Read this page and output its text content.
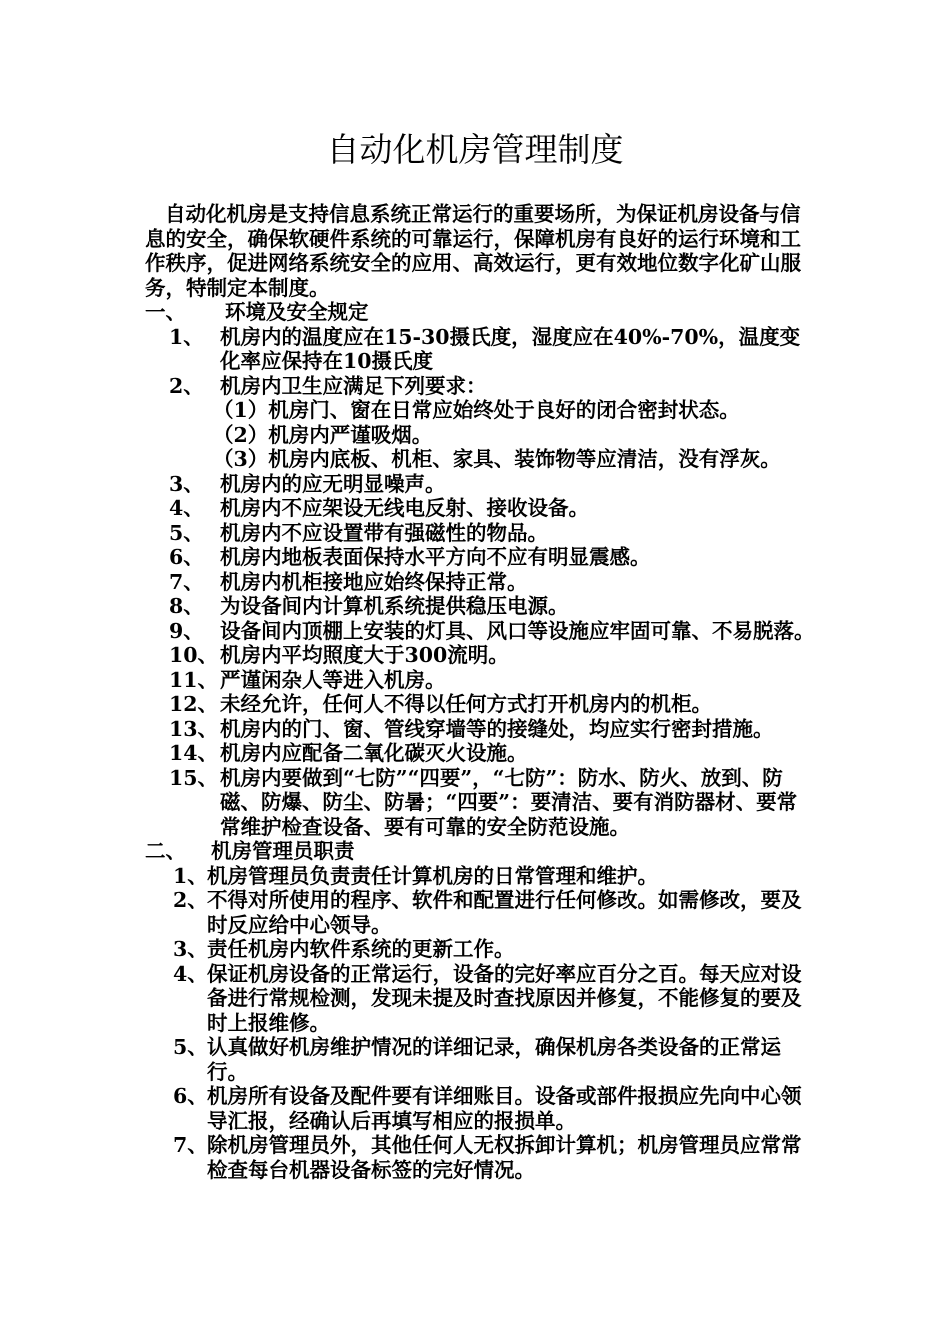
自动化机房管理制度

自动化机房是支持信息系统正常运行的重要场所，为保证机房设备与信息的安全，确保软硬件系统的可靠运行，保障机房有良好的运行环境和工作秩序，促进网络系统安全的应用、高效运行，更有效地位数字化矿山服务，特制定本制度。

一、 环境及安全规定

1、 机房内的温度应在15-30摄氏度，湿度应在40%-70%，温度变化率应保持在10摄氏度
2、 机房内卫生应满足下列要求：

（1）机房门、窗在日常应始终处于良好的闭合密封状态。

（2）机房内严谨吸烟。

（3）机房内底板、机柜、家具、装饰物等应清洁，没有浮灰。

3、 机房内的应无明显噪声。
4、 机房内不应架设无线电反射、接收设备。
5、 机房内不应设置带有强磁性的物品。
6、 机房内地板表面保持水平方向不应有明显震感。
7、 机房内机柜接地应始终保持正常。
8、 为设备间内计算机系统提供稳压电源。
9、 设备间内顶棚上安装的灯具、风口等设施应牢固可靠、不易脱落。
10、 机房内平均照度大于300流明。
11、 严谨闲杂人等进入机房。
12、 未经允许，任何人不得以任何方式打开机房内的机柜。
13、 机房内的门、窗、管线穿墙等的接缝处，均应实行密封措施。
14、 机房内应配备二氧化碳灭火设施。
15、 机房内要做到“七防”“四要”，“七防”：防水、防火、放到、防磁、防爆、防尘、防暑；“四要”：要清洁、要有消防器材、要常常维护检查设备、要有可靠的安全防范设施。

二、 机房管理员职责

1、 机房管理员负责责任计算机房的日常管理和维护。
2、 不得对所使用的程序、软件和配置进行任何修改。如需修改，要及时反应给中心领导。
3、 责任机房内软件系统的更新工作。
4、 保证机房设备的正常运行，设备的完好率应百分之百。每天应对设备进行常规检测，发现未提及时查找原因并修复，不能修复的要及时上报维修。
5、 认真做好机房维护情况的详细记录，确保机房各类设备的正常运行。
6、 机房所有设备及配件要有详细账目。设备或部件报损应先向中心领导汇报，经确认后再填写相应的报损单。
7、 除机房管理员外，其他任何人无权拆卸计算机；机房管理员应常常检查每台机器设备标签的完好情况。
